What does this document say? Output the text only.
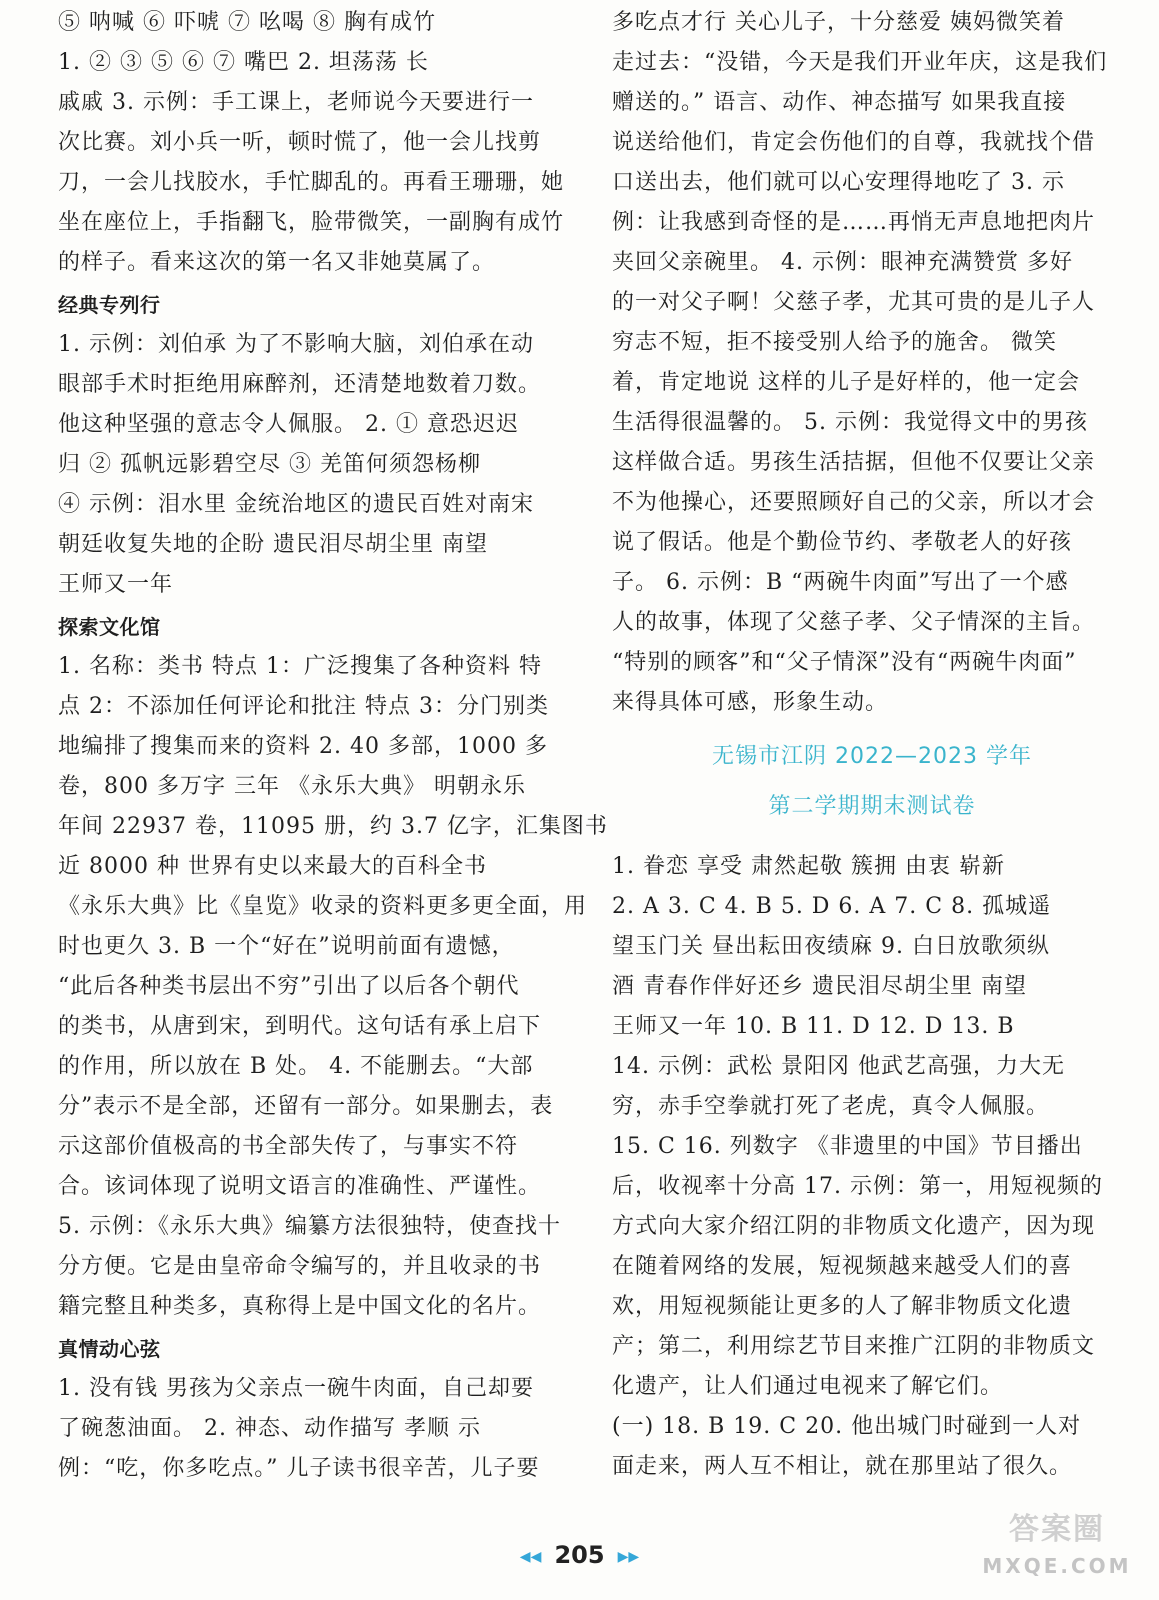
⑤ 呐喊 ⑥ 吓唬 ⑦ 吆喝 ⑧ 胸有成竹
1. ② ③ ⑤ ⑥ ⑦ 嘴巴 2. 坦荡荡 长
戚戚 3. 示例：手工课上，老师说今天要进行一
次比赛。刘小兵一听，顿时慌了，他一会儿找剪
刀，一会儿找胶水，手忙脚乱的。再看王珊珊，她
坐在座位上，手指翻飞，脸带微笑，一副胸有成竹
的样子。看来这次的第一名又非她莫属了。
经典专列行
1. 示例：刘伯承 为了不影响大脑，刘伯承在动
眼部手术时拒绝用麻醉剂，还清楚地数着刀数。
他这种坚强的意志令人佩服。 2. ① 意恐迟迟
归 ② 孤帆远影碧空尽 ③ 羌笛何须怨杨柳
④ 示例：泪水里 金统治地区的遗民百姓对南宋
朝廷收复失地的企盼 遗民泪尽胡尘里 南望
王师又一年
探索文化馆
1. 名称：类书 特点 1：广泛搜集了各种资料 特
点 2：不添加任何评论和批注 特点 3：分门别类
地编排了搜集而来的资料 2. 40 多部，1000 多
卷，800 多万字 三年 《永乐大典》 明朝永乐
年间 22937 卷，11095 册，约 3.7 亿字，汇集图书
近 8000 种 世界有史以来最大的百科全书
《永乐大典》比《皇览》收录的资料更多更全面，用
时也更久 3. B 一个“好在”说明前面有遗憾，
“此后各种类书层出不穷”引出了以后各个朝代
的类书，从唐到宋，到明代。这句话有承上启下
的作用，所以放在 B 处。 4. 不能删去。“大部
分”表示不是全部，还留有一部分。如果删去，表
示这部价值极高的书全部失传了，与事实不符
合。该词体现了说明文语言的准确性、严谨性。
5. 示例：《永乐大典》编纂方法很独特，使查找十
分方便。它是由皇帝命令编写的，并且收录的书
籍完整且种类多，真称得上是中国文化的名片。
真情动心弦
1. 没有钱 男孩为父亲点一碗牛肉面，自己却要
了碗葱油面。 2. 神态、动作描写 孝顺 示
例：“吃，你多吃点。” 儿子读书很辛苦，儿子要
多吃点才行 关心儿子，十分慈爱 姨妈微笑着
走过去：“没错，今天是我们开业年庆，这是我们
赠送的。” 语言、动作、神态描写 如果我直接
说送给他们，肯定会伤他们的自尊，我就找个借
口送出去，他们就可以心安理得地吃了 3. 示
例：让我感到奇怪的是……再悄无声息地把肉片
夹回父亲碗里。 4. 示例：眼神充满赞赏 多好
的一对父子啊！父慈子孝，尤其可贵的是儿子人
穷志不短，拒不接受别人给予的施舍。 微笑
着，肯定地说 这样的儿子是好样的，他一定会
生活得很温馨的。 5. 示例：我觉得文中的男孩
这样做合适。男孩生活拮据，但他不仅要让父亲
不为他操心，还要照顾好自己的父亲，所以才会
说了假话。他是个勤俭节约、孝敬老人的好孩
子。 6. 示例：B “两碗牛肉面”写出了一个感
人的故事，体现了父慈子孝、父子情深的主旨。
“特别的顾客”和“父子情深”没有“两碗牛肉面”
来得具体可感，形象生动。
无锡市江阴 2022—2023 学年
第二学期期末测试卷
1. 眷恋 享受 肃然起敬 簇拥 由衷 崭新
2. A 3. C 4. B 5. D 6. A 7. C 8. 孤城遥
望玉门关 昼出耘田夜绩麻 9. 白日放歌须纵
酒 青春作伴好还乡 遗民泪尽胡尘里 南望
王师又一年 10. B 11. D 12. D 13. B
14. 示例：武松 景阳冈 他武艺高强，力大无
穷，赤手空拳就打死了老虎，真令人佩服。
15. C 16. 列数字 《非遗里的中国》节目播出
后，收视率十分高 17. 示例：第一，用短视频的
方式向大家介绍江阴的非物质文化遗产，因为现
在随着网络的发展，短视频越来越受人们的喜
欢，用短视频能让更多的人了解非物质文化遗
产；第二，利用综艺节目来推广江阴的非物质文
化遗产，让人们通过电视来了解它们。
(一) 18. B 19. C 20. 他出城门时碰到一人对
面走来，两人互不相让，就在那里站了很久。
◀◀ 205 ▶▶
答案圈
MXQE.COM
